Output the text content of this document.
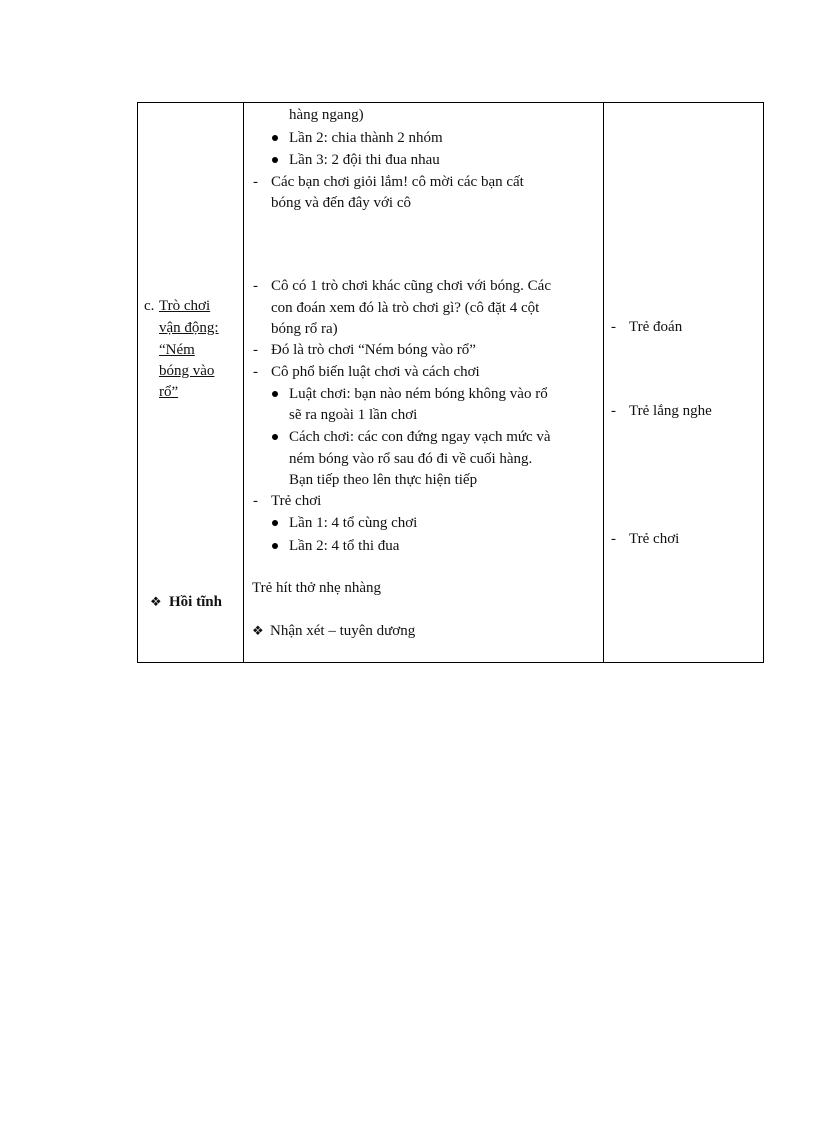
c. Trò chơi
vận động:
“Ném
bóng vào
rổ”
❖ Hồi tĩnh
hàng ngang)
Lần 2: chia thành 2 nhóm
Lần 3: 2 đội thi đua nhau
- Các bạn chơi giỏi lắm! cô mời các bạn cất
bóng và đến đây với cô
- Cô có 1 trò chơi khác cũng chơi với bóng. Các
con đoán xem đó là trò chơi gì? (cô đặt 4 cột
bóng rổ ra)
- Đó là trò chơi “Ném bóng vào rổ”
- Cô phổ biến luật chơi và cách chơi
Luật chơi: bạn nào ném bóng không vào rổ
sẽ ra ngoài 1 lần chơi
Cách chơi: các con đứng ngay vạch mức và
ném bóng vào rổ sau đó đi về cuối hàng.
Bạn tiếp theo lên thực hiện tiếp
- Trẻ chơi
Lần 1: 4 tổ cùng chơi
Lần 2: 4 tổ thi đua
Trẻ hít thở nhẹ nhàng
❖ Nhận xét – tuyên dương
- Trẻ đoán
- Trẻ lắng nghe
- Trẻ chơi
